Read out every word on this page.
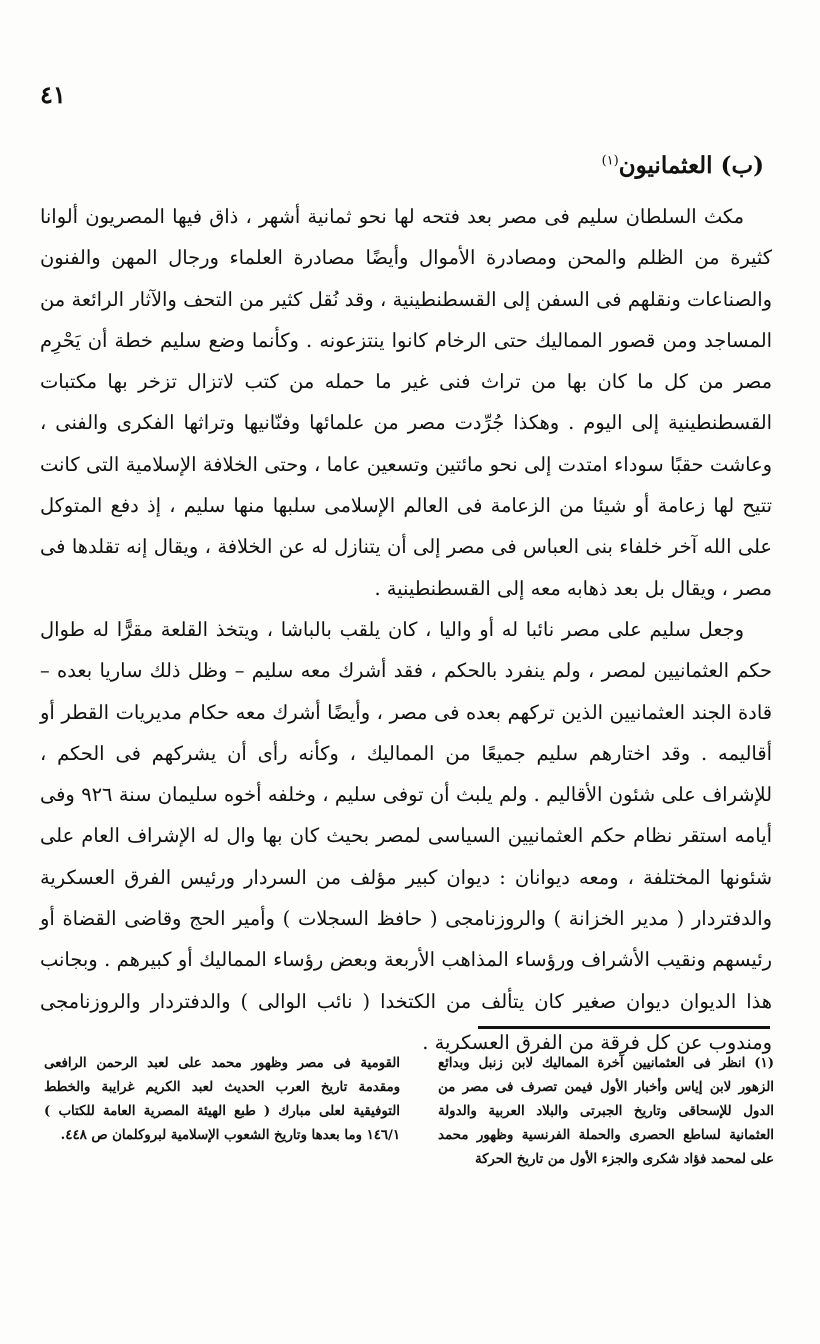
٤١
(ب) العثمانيون$^{(١)}$

مكث السلطان سليم فى مصر بعد فتحه لها نحو ثمانية أشهر ، ذاق فيها المصريون ألوانا كثيرة من الظلم والمحن ومصادرة الأموال وأيضًا مصادرة العلماء ورجال المهن والفنون والصناعات ونقلهم فى السفن إلى القسطنطينية ، وقد نُقل كثير من التحف والآثار الرائعة من المساجد ومن قصور المماليك حتى الرخام كانوا ينتزعونه . وكأنما وضع سليم خطة أن يَحْرِم مصر من كل ما كان بها من تراث فنى غير ما حمله من كتب لاتزال تزخر بها مكتبات القسطنطينية إلى اليوم . وهكذا جُرِّدت مصر من علمائها وفنّانيها وتراثها الفكرى والفنى ، وعاشت حقبًا سوداء امتدت إلى نحو مائتين وتسعين عاما ، وحتى الخلافة الإسلامية التى كانت تتيح لها زعامة أو شيئا من الزعامة فى العالم الإسلامى سلبها منها سليم ، إذ دفع المتوكل على الله آخر خلفاء بنى العباس فى مصر إلى أن يتنازل له عن الخلافة ، ويقال إنه تقلدها فى مصر ، ويقال بل بعد ذهابه معه إلى القسطنطينية .

وجعل سليم على مصر نائبا له أو واليا ، كان يلقب بالباشا ، ويتخذ القلعة مقرًّا له طوال حكم العثمانيين لمصر ، ولم ينفرد بالحكم ، فقد أشرك معه سليم – وظل ذلك ساريا بعده – قادة الجند العثمانيين الذين تركهم بعده فى مصر ، وأيضًا أشرك معه حكام مديريات القطر أو أقاليمه . وقد اختارهم سليم جميعًا من المماليك ، وكأنه رأى أن يشركهم فى الحكم ، للإشراف على شئون الأقاليم . ولم يلبث أن توفى سليم ، وخلفه أخوه سليمان سنة ٩٢٦ وفى أيامه استقر نظام حكم العثمانيين السياسى لمصر بحيث كان بها وال له الإشراف العام على شئونها المختلفة ، ومعه ديوانان : ديوان كبير مؤلف من السردار ورئيس الفرق العسكرية والدفتردار ( مدير الخزانة ) والروزنامجى ( حافظ السجلات ) وأمير الحج وقاضى القضاة أو رئيسهم ونقيب الأشراف ورؤساء المذاهب الأربعة وبعض رؤساء المماليك أو كبيرهم . وبجانب هذا الديوان ديوان صغير كان يتألف من الكتخدا ( نائب الوالى ) والدفتردار والروزنامجى ومندوب عن كل فرقة من الفرق العسكرية .

(١) انظر فى العثمانيين آخرة المماليك لابن زنبل وبدائع الزهور لابن إياس وأخبار الأول فيمن تصرف فى مصر من الدول للإسحاقى وتاريخ الجبرتى والبلاد العربية والدولة العثمانية لساطع الحصرى والحملة الفرنسية وظهور محمد على لمحمد فؤاد شكرى والجزء الأول من تاريخ الحركة
القومية فى مصر وظهور محمد على لعبد الرحمن الرافعى ومقدمة تاريخ العرب الحديث لعبد الكريم غرايبة والخطط التوفيقية لعلى مبارك ( طبع الهيئة المصرية العامة للكتاب ) ١٤٦/١ وما بعدها وتاريخ الشعوب الإسلامية لبروكلمان ص ٤٤٨.
